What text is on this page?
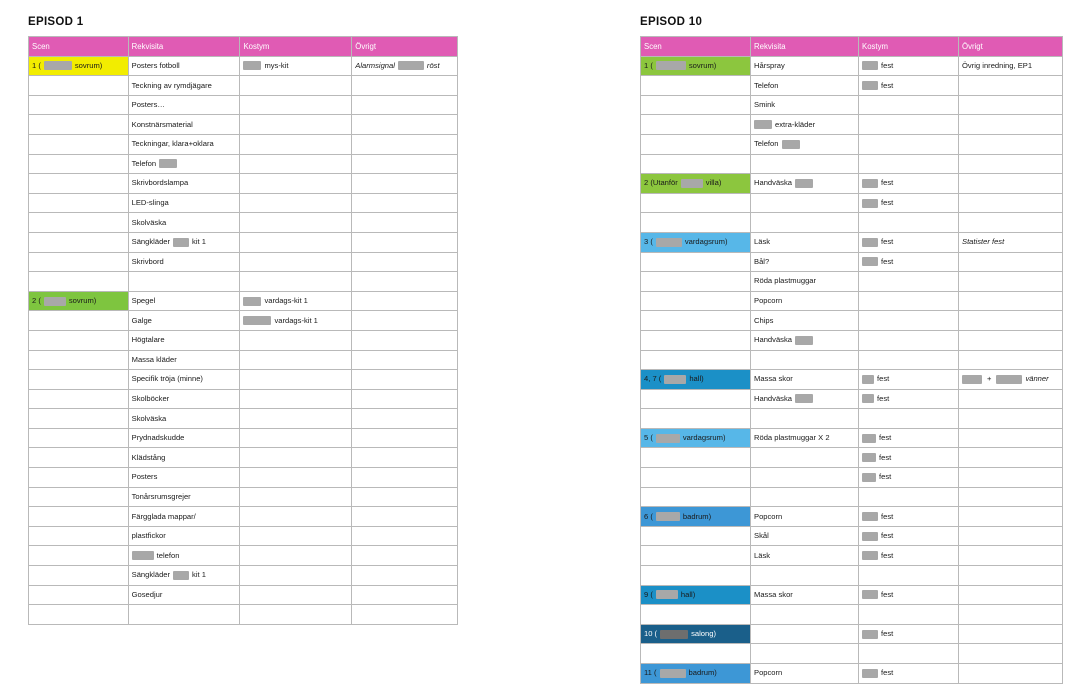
EPISOD 1
Scen	Rekvisita	Kostym	Övrigt

1 ( sovrum)	Posters fotboll	mys-kit	Alarmsignal röst

	Teckning av rymdjägare		

	Posters…		

	Konstnärsmaterial		

	Teckningar, klara+oklara		

	Telefon		

	Skrivbordslampa		

	LED-slinga		

	Skolväska		

	Sängkläder kit 1		

	Skrivbord		

2 ( sovrum)	Spegel	vardags-kit 1	

	Galge	vardags-kit 1	

	Högtalare		

	Massa kläder		

	Specifik tröja (minne)		

	Skolböcker		

	Skolväska		

	Prydnadskudde		

	Klädstång		

	Posters		

	Tonårsrumsgrejer		

	Färgglada mappar/		

	plastfickor		

	telefon		

	Sängkläder kit 1		

	Gosedjur		

EPISOD 10
Scen	Rekvisita	Kostym	Övrigt

1 ( sovrum)	Hårspray	fest	Övrig inredning, EP1

	Telefon	fest	

	Smink		

	extra-kläder		

	Telefon		

2 (Utanför villa)	Handväska	fest	

		fest	

3 ( vardagsrum)	Läsk	fest	Statister fest

	Bål?	fest	

	Röda plastmuggar		

	Popcorn		

	Chips		

	Handväska		

4, 7 ( hall)	Massa skor	fest	+ vänner

	Handväska	fest	

5 ( vardagsrum)	Röda plastmuggar X 2	fest	

		fest	

		fest	

6 ( badrum)	Popcorn	fest	

	Skål	fest	

	Läsk	fest	

9 ( hall)	Massa skor	fest	

10 ( salong)		fest	

11 ( badrum)	Popcorn	fest	
